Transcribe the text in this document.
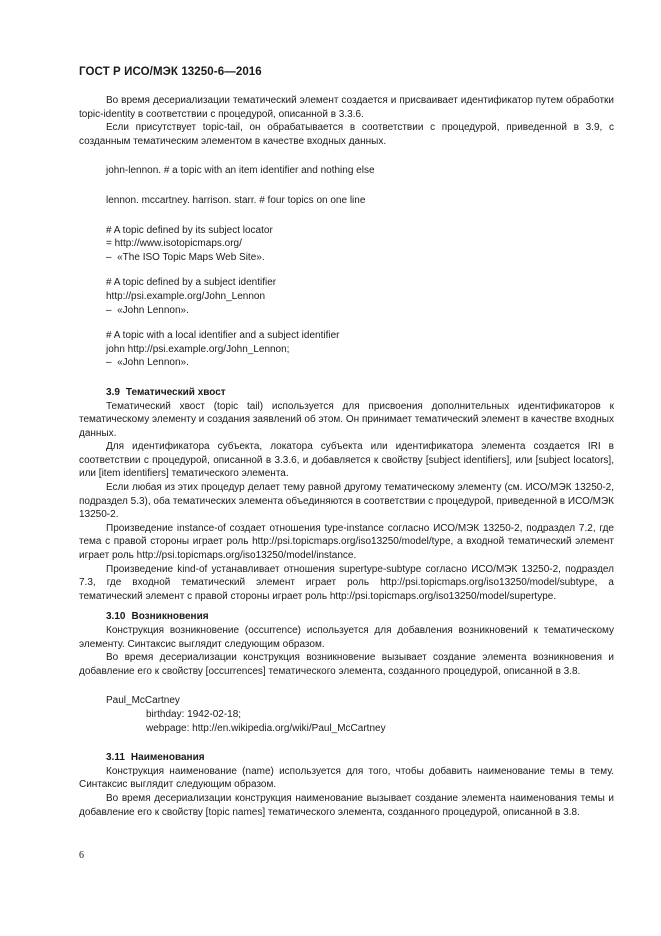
ГОСТ Р ИСО/МЭК 13250-6—2016

Во время десериализации тематический элемент создается и присваивает идентификатор путем обработки topic-identity в соответствии с процедурой, описанной в 3.3.6.

Если присутствует topic-tail, он обрабатывается в соответствии с процедурой, приведенной в 3.9, с созданным тематическим элементом в качестве входных данных.

john-lennon. # a topic with an item identifier and nothing else
lennon. mccartney. harrison. starr. # four topics on one line
# A topic defined by its subject locator
= http://www.isotopicmaps.org/
–  «The ISO Topic Maps Web Site».
# A topic defined by a subject identifier
http://psi.example.org/John_Lennon
–  «John Lennon».
# A topic with a local identifier and a subject identifier
john http://psi.example.org/John_Lennon;
–  «John Lennon».

3.9 Тематический хвост

Тематический хвост (topic tail) используется для присвоения дополнительных идентификаторов к тематическому элементу и создания заявлений об этом. Он принимает тематический элемент в качестве входных данных.

Для идентификатора субъекта, локатора субъекта или идентификатора элемента создается IRI в соответствии с процедурой, описанной в 3.3.6, и добавляется к свойству [subject identifiers], или [subject locators], или [item identifiers] тематического элемента.

Если любая из этих процедур делает тему равной другому тематическому элементу (см. ИСО/МЭК 13250-2, подраздел 5.3), оба тематических элемента объединяются в соответствии с процедурой, приведенной в ИСО/МЭК 13250-2.

Произведение instance-of создает отношения type-instance согласно ИСО/МЭК 13250-2, подраздел 7.2, где тема с правой стороны играет роль http://psi.topicmaps.org/iso13250/model/type, а входной тематический элемент играет роль http://psi.topicmaps.org/iso13250/model/instance.

Произведение kind-of устанавливает отношения supertype-subtype согласно ИСО/МЭК 13250-2, подраздел 7.3, где входной тематический элемент играет роль http://psi.topicmaps.org/iso13250/model/subtype, а тематический элемент с правой стороны играет роль http://psi.topicmaps.org/iso13250/model/supertype.

3.10 Возникновения

Конструкция возникновение (occurrence) используется для добавления возникновений к тематическому элементу. Синтаксис выглядит следующим образом.

Во время десериализации конструкция возникновение вызывает создание элемента возникновения и добавление его к свойству [occurrences] тематического элемента, созданного процедурой, описанной в 3.8.

Paul_McCartney
birthday: 1942-02-18;
webpage: http://en.wikipedia.org/wiki/Paul_McCartney

3.11 Наименования

Конструкция наименование (name) используется для того, чтобы добавить наименование темы в тему. Синтаксис выглядит следующим образом.

Во время десериализации конструкция наименование вызывает создание элемента наименования темы и добавление его к свойству [topic names] тематического элемента, созданного процедурой, описанной в 3.8.

6
